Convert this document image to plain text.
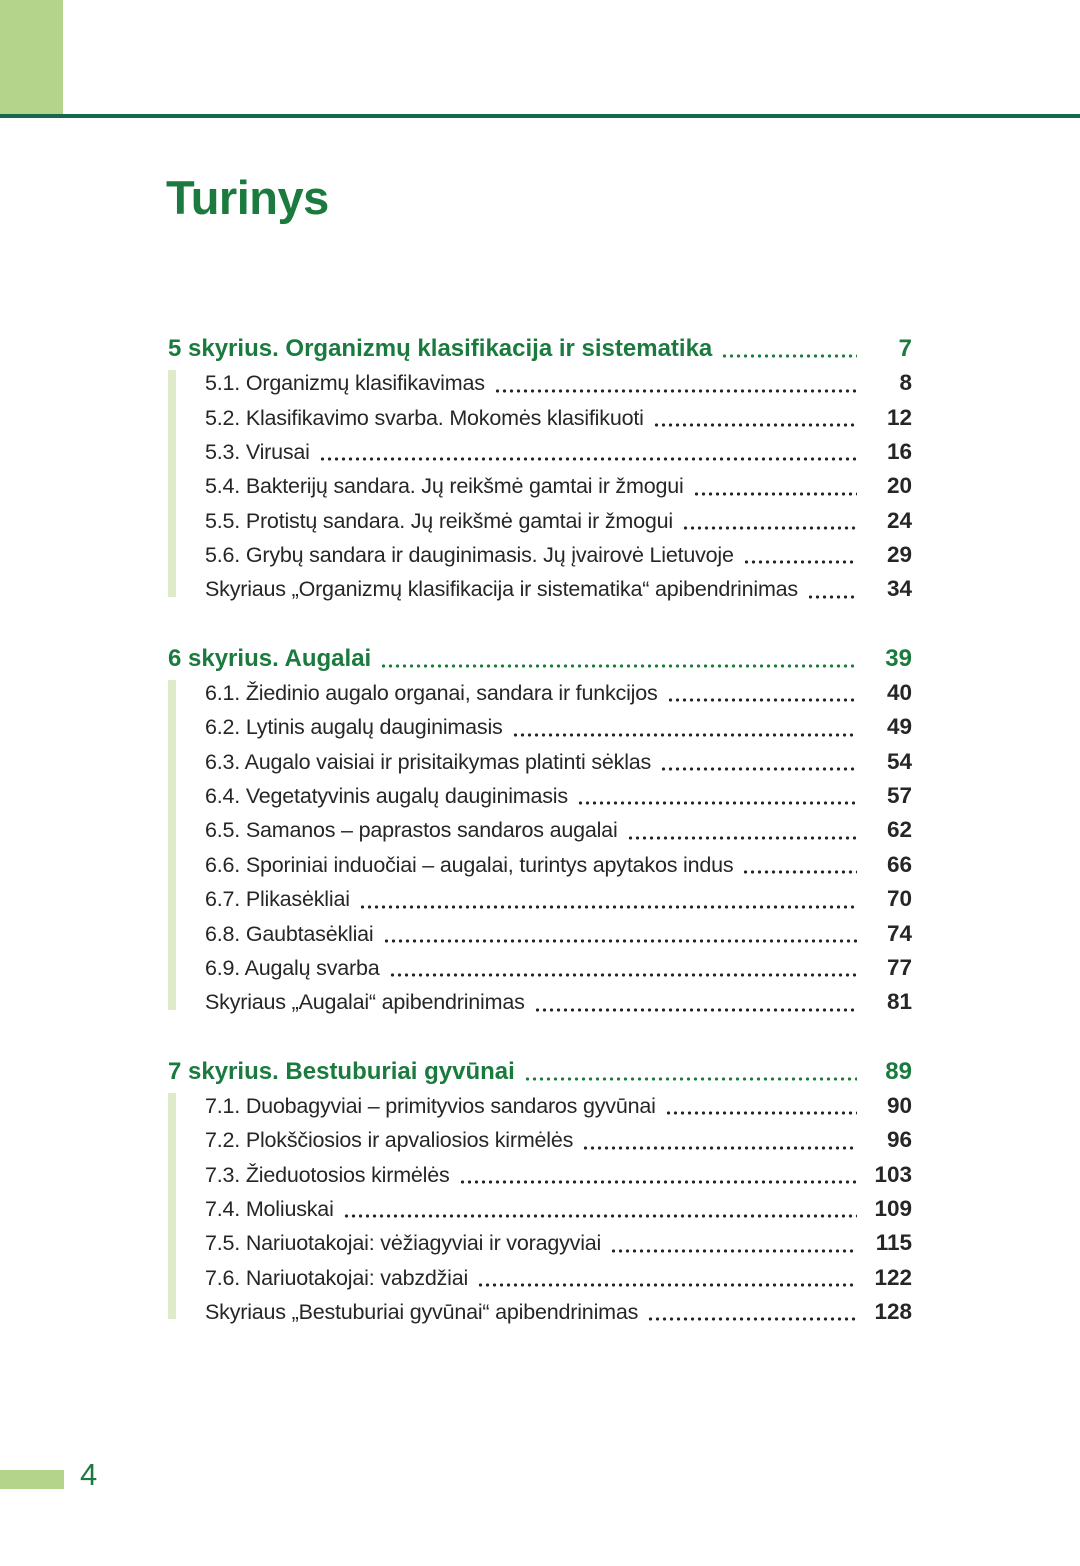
Turinys
5 skyrius. Organizmų klasifikacija ir sistematika	7
5.1. Organizmų klasifikavimas	8
5.2. Klasifikavimo svarba. Mokomės klasifikuoti	12
5.3. Virusai	16
5.4. Bakterijų sandara. Jų reikšmė gamtai ir žmogui	20
5.5. Protistų sandara. Jų reikšmė gamtai ir žmogui	24
5.6. Grybų sandara ir dauginimasis. Jų įvairovė Lietuvoje	29
Skyriaus „Organizmų klasifikacija ir sistematika“ apibendrinimas	34
6 skyrius. Augalai	39
6.1. Žiedinio augalo organai, sandara ir funkcijos	40
6.2. Lytinis augalų dauginimasis	49
6.3. Augalo vaisiai ir prisitaikymas platinti sėklas	54
6.4. Vegetatyvinis augalų dauginimasis	57
6.5. Samanos – paprastos sandaros augalai	62
6.6. Sporiniai induočiai – augalai, turintys apytakos indus	66
6.7. Plikasėkliai	70
6.8. Gaubtasėkliai	74
6.9. Augalų svarba	77
Skyriaus „Augalai“ apibendrinimas	81
7 skyrius. Bestuburiai gyvūnai	89
7.1. Duobagyviai – primityvios sandaros gyvūnai	90
7.2. Plokščiosios ir apvaliosios kirmėlės	96
7.3. Žieduotosios kirmėlės	103
7.4. Moliuskai	109
7.5. Nariuotakojai: vėžiagyviai ir voragyviai	115
7.6. Nariuotakojai: vabzdžiai	122
Skyriaus „Bestuburiai gyvūnai“ apibendrinimas	128
4
